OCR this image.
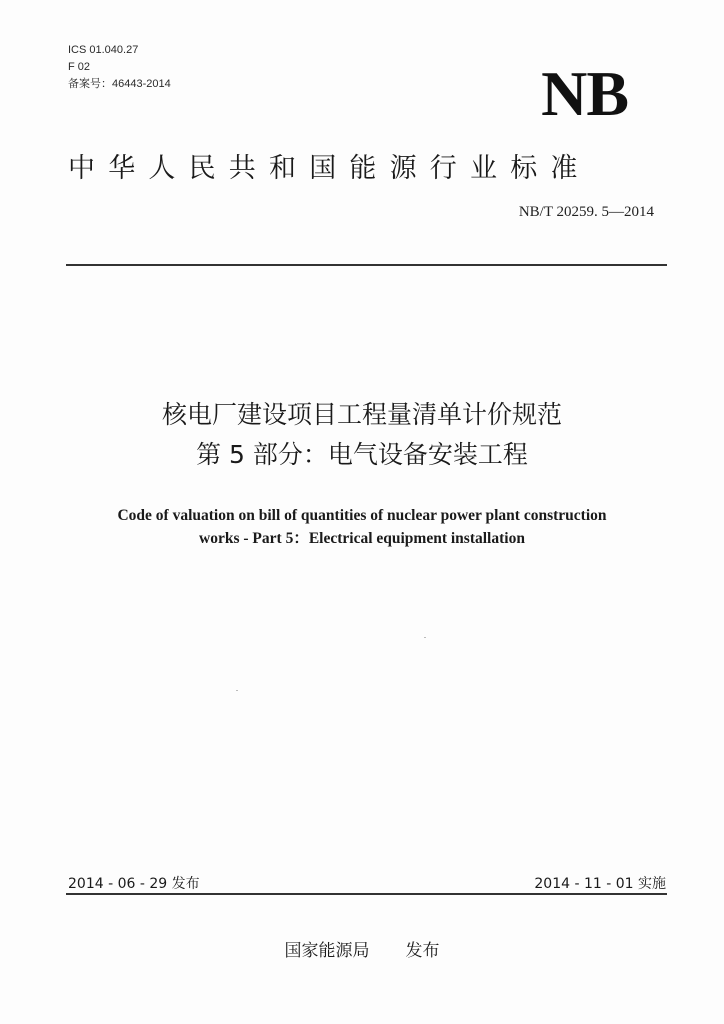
ICS 01.040.27
F 02
备案号：46443-2014	NB
中华人民共和国能源行业标准
NB/T 20259. 5—2014
核电厂建设项目工程量清单计价规范
第 5 部分：电气设备安装工程
Code of valuation on bill of quantities of nuclear power plant construction
works - Part 5：Electrical equipment installation
2014 - 06 - 29 发布	2014 - 11 - 01 实施
国家能源局 发布
